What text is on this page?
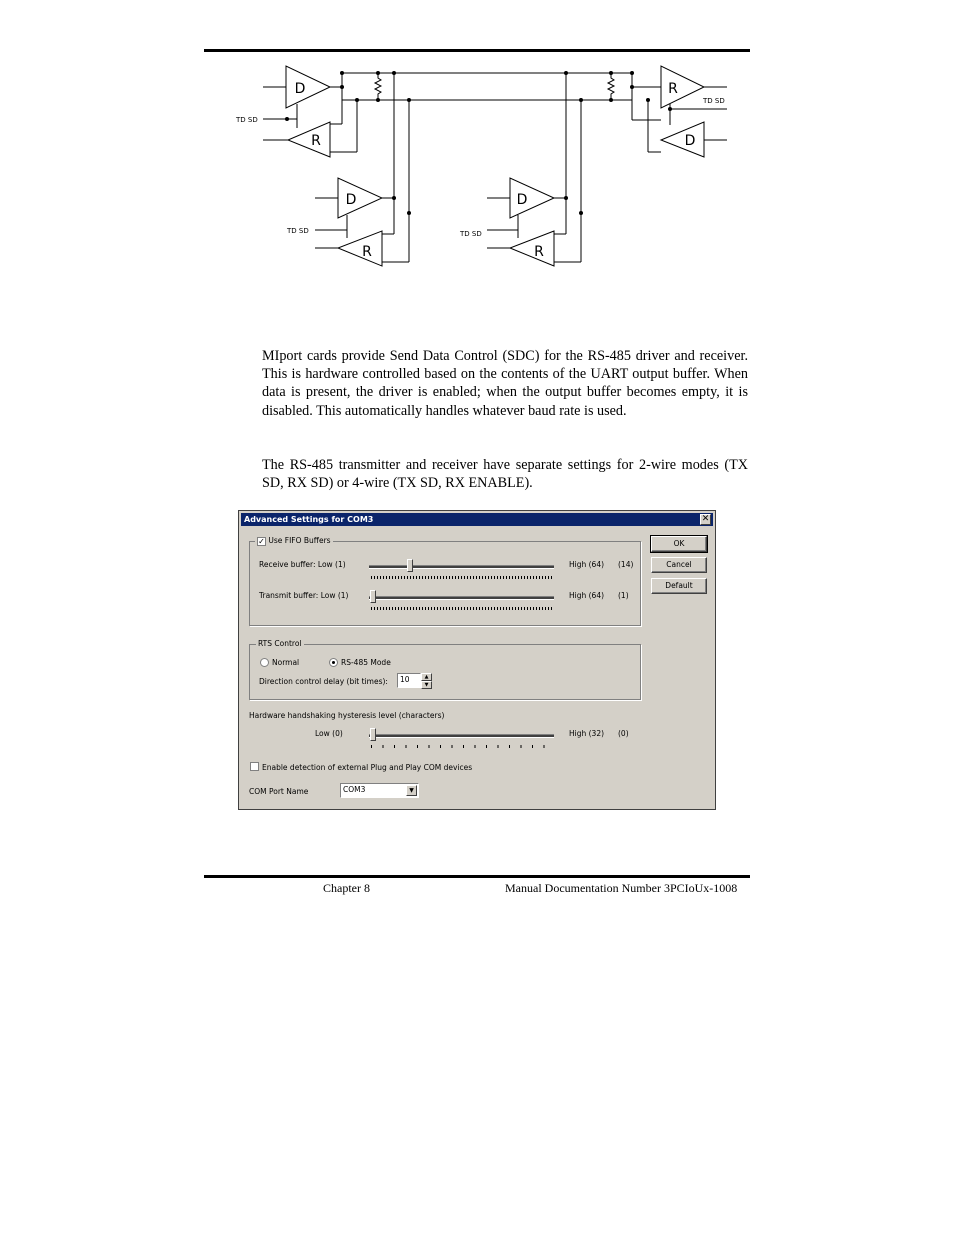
D
R
R
D
D
R
D
R
TD SD
TD SD
TD SD	TD SD

MIport cards provide Send Data Control (SDC) for the RS-485 driver and receiver. This is hardware controlled based on the contents of the UART output buffer. When data is present, the driver is enabled; when the output buffer becomes empty, it is disabled. This automatically handles whatever baud rate is used.

The RS-485 transmitter and receiver have separate settings for 2-wire modes (TX SD, RX SD) or 4-wire (TX SD, RX ENABLE).

Advanced Settings for COM3	✕
✓ Use FIFO Buffers
Receive buffer: Low (1)	High (64) (14)
Transmit buffer: Low (1)	High (64) (1)
OK
Cancel
Default
RTS Control
Normal	RS-485 Mode
Direction control delay (bit times):	10	▲
▼
Hardware handshaking hysteresis level (characters)
Low (0)	High (32) (0)
Enable detection of external Plug and Play COM devices
COM Port Name	COM3	▼
Chapter 8	Manual Documentation Number 3PCIoUx-1008
